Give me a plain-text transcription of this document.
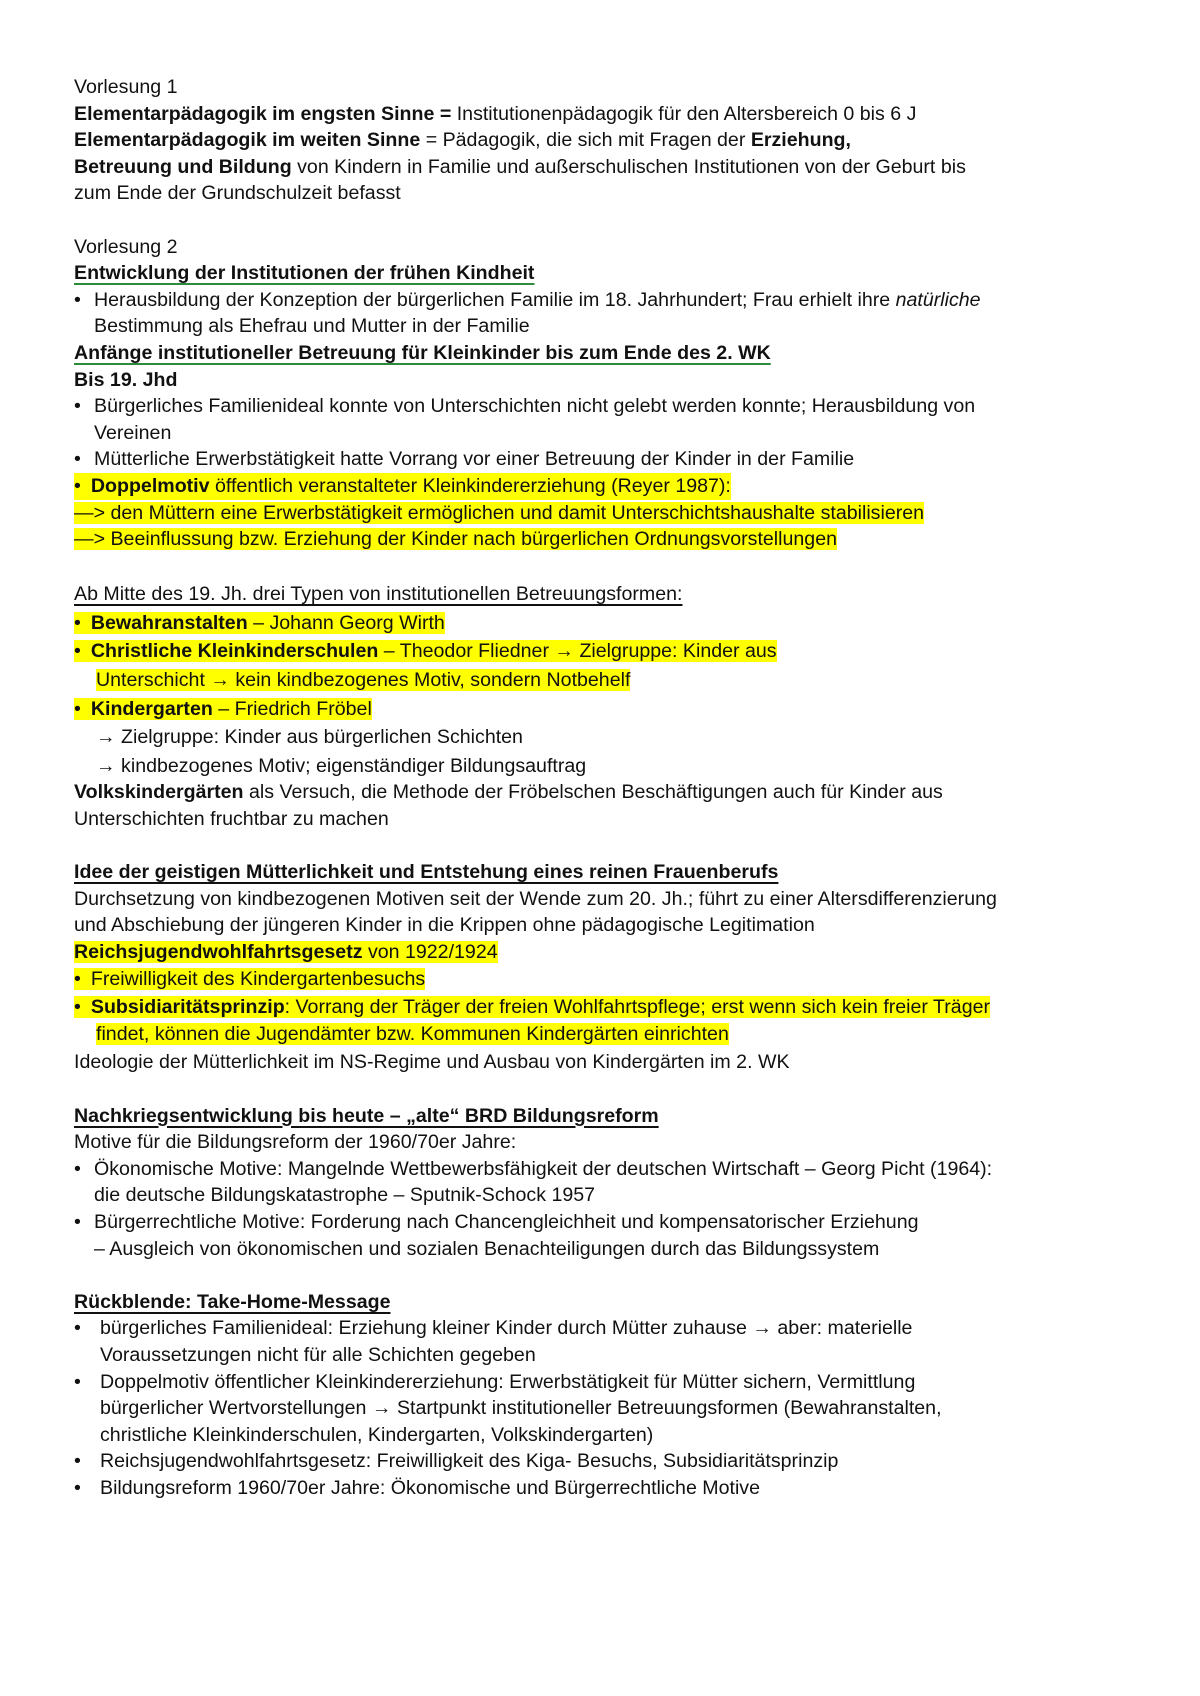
Vorlesung 1
Elementarpädagogik im engsten Sinne = Institutionenpädagogik für den Altersbereich 0 bis 6 J
Elementarpädagogik im weiten Sinne = Pädagogik, die sich mit Fragen der Erziehung,
Betreuung und Bildung von Kindern in Familie und außerschulischen Institutionen von der Geburt bis
zum Ende der Grundschulzeit befasst
Vorlesung 2
Entwicklung der Institutionen der frühen Kindheit
• Herausbildung der Konzeption der bürgerlichen Familie im 18. Jahrhundert; Frau erhielt ihre natürliche
Bestimmung als Ehefrau und Mutter in der Familie
Anfänge institutioneller Betreuung für Kleinkinder bis zum Ende des 2. WK
Bis 19. Jhd
• Bürgerliches Familienideal konnte von Unterschichten nicht gelebt werden konnte; Herausbildung von
Vereinen
• Mütterliche Erwerbstätigkeit hatte Vorrang vor einer Betreuung der Kinder in der Familie
• Doppelmotiv öffentlich veranstalteter Kleinkindererziehung (Reyer 1987):
—> den Müttern eine Erwerbstätigkeit ermöglichen und damit Unterschichtshaushalte stabilisieren
—> Beeinflussung bzw. Erziehung der Kinder nach bürgerlichen Ordnungsvorstellungen
Ab Mitte des 19. Jh. drei Typen von institutionellen Betreuungsformen:
• Bewahranstalten – Johann Georg Wirth
• Christliche Kleinkinderschulen – Theodor Fliedner → Zielgruppe: Kinder aus
Unterschicht → kein kindbezogenes Motiv, sondern Notbehelf
• Kindergarten – Friedrich Fröbel
→ Zielgruppe: Kinder aus bürgerlichen Schichten
→ kindbezogenes Motiv; eigenständiger Bildungsauftrag
Volkskindergärten als Versuch, die Methode der Fröbelschen Beschäftigungen auch für Kinder aus
Unterschichten fruchtbar zu machen
Idee der geistigen Mütterlichkeit und Entstehung eines reinen Frauenberufs
Durchsetzung von kindbezogenen Motiven seit der Wende zum 20. Jh.; führt zu einer Altersdifferenzierung
und Abschiebung der jüngeren Kinder in die Krippen ohne pädagogische Legitimation
Reichsjugendwohlfahrtsgesetz von 1922/1924
• Freiwilligkeit des Kindergartenbesuchs
• Subsidiaritätsprinzip: Vorrang der Träger der freien Wohlfahrtspflege; erst wenn sich kein freier Träger
findet, können die Jugendämter bzw. Kommunen Kindergärten einrichten
Ideologie der Mütterlichkeit im NS-Regime und Ausbau von Kindergärten im 2. WK
Nachkriegsentwicklung bis heute – „alte“ BRD Bildungsreform
Motive für die Bildungsreform der 1960/70er Jahre:
• Ökonomische Motive: Mangelnde Wettbewerbsfähigkeit der deutschen Wirtschaft – Georg Picht (1964):
die deutsche Bildungskatastrophe – Sputnik-Schock 1957
• Bürgerrechtliche Motive: Forderung nach Chancengleichheit und kompensatorischer Erziehung
– Ausgleich von ökonomischen und sozialen Benachteiligungen durch das Bildungssystem
Rückblende: Take-Home-Message
• bürgerliches Familienideal: Erziehung kleiner Kinder durch Mütter zuhause → aber: materielle
Voraussetzungen nicht für alle Schichten gegeben
• Doppelmotiv öffentlicher Kleinkindererziehung: Erwerbstätigkeit für Mütter sichern, Vermittlung
bürgerlicher Wertvorstellungen → Startpunkt institutioneller Betreuungsformen (Bewahranstalten,
christliche Kleinkinderschulen, Kindergarten, Volkskindergarten)
• Reichsjugendwohlfahrtsgesetz: Freiwilligkeit des Kiga- Besuchs, Subsidiaritätsprinzip
• Bildungsreform 1960/70er Jahre: Ökonomische und Bürgerrechtliche Motive
